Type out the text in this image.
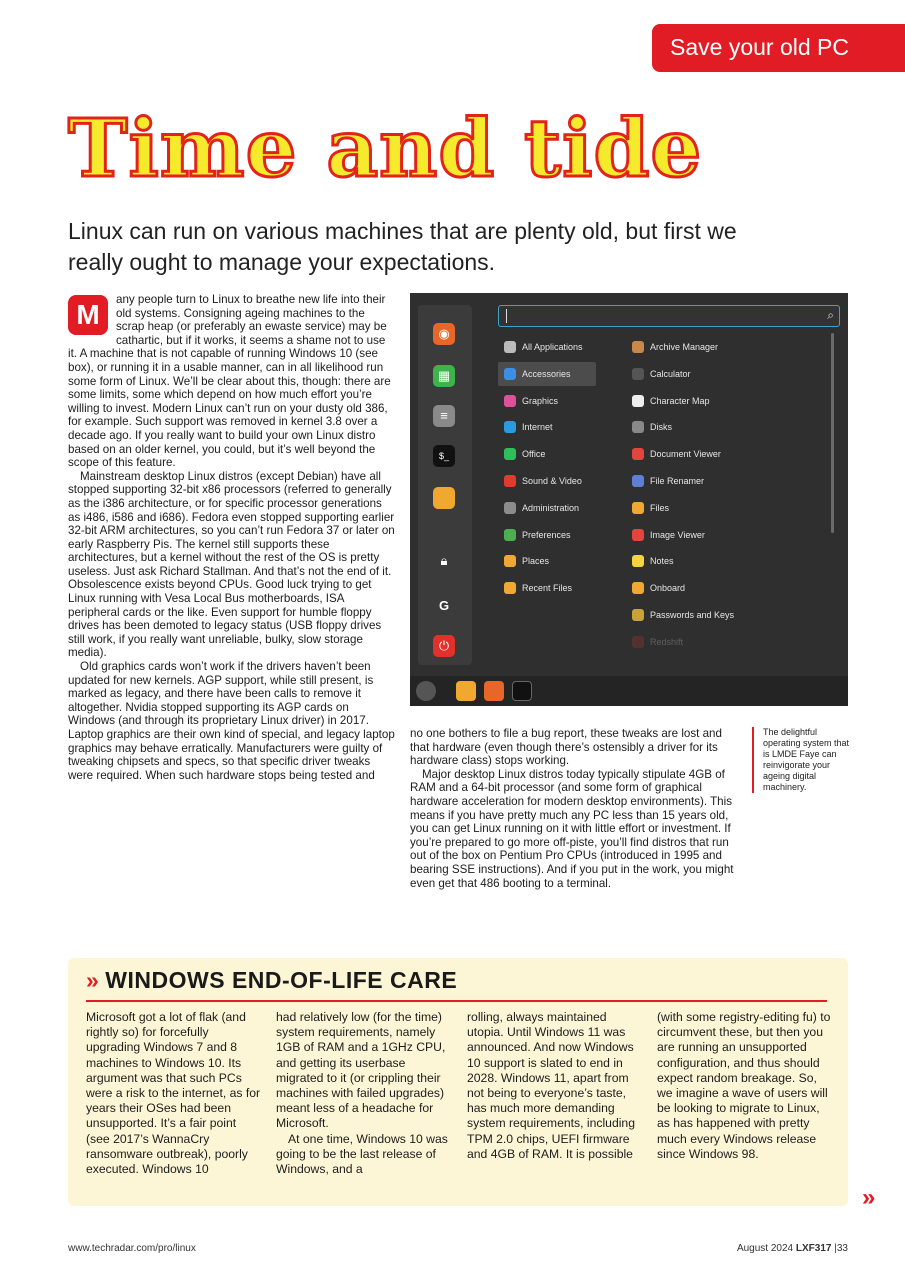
Save your old PC
Time and tide
Linux can run on various machines that are plenty old, but first we really ought to manage your expectations.

M	any people turn to Linux to breathe new life into their old systems. Consigning ageing machines to the scrap heap (or preferably an ewaste service) may be cathartic, but if it works, it seems a shame not to use it. A machine that is not capable of running Windows 10 (see box), or running it in a usable manner, can in all likelihood run some form of Linux. We’ll be clear about this, though: there are some limits, some which depend on how much effort you’re willing to invest. Modern Linux can’t run on your dusty old 386, for example. Such support was removed in kernel 3.8 over a decade ago. If you really want to build your own Linux distro based on an older kernel, you could, but it’s well beyond the scope of this feature.

Mainstream desktop Linux distros (except Debian) have all stopped supporting 32-bit x86 processors (referred to generally as the i386 architecture, or for specific processor generations as i486, i586 and i686). Fedora even stopped supporting earlier 32-bit ARM architectures, so you can’t run Fedora 37 or later on early Raspberry Pis. The kernel still supports these architectures, but a kernel without the rest of the OS is pretty useless. Just ask Richard Stallman. And that’s not the end of it. Obsolescence exists beyond CPUs. Good luck trying to get Linux running with Vesa Local Bus motherboards, ISA peripheral cards or the like. Even support for humble floppy drives has been demoted to legacy status (USB floppy drives still work, if you really want unreliable, bulky, slow storage media).

Old graphics cards won’t work if the drivers haven’t been updated for new kernels. AGP support, while still present, is marked as legacy, and there have been calls to remove it altogether. Nvidia stopped supporting its AGP cards on Windows (and through its proprietary Linux driver) in 2017. Laptop graphics are their own kind of special, and legacy laptop graphics may behave erratically. Manufacturers were guilty of tweaking chipsets and specs, so that specific driver tweaks were required. When such hardware stops being tested and

◉
▦
≡
$_
🔒︎
G
⏻
⌕
All Applications
Accessories
Graphics
Internet
Office
Sound & Video
Administration
Preferences
Places
Recent Files
Archive Manager
Calculator
Character Map
Disks
Document Viewer
File Renamer
Files
Image Viewer
Notes
Onboard
Passwords and Keys
Redshift

no one bothers to file a bug report, these tweaks are lost and that hardware (even though there’s ostensibly a driver for its hardware class) stops working.

Major desktop Linux distros today typically stipulate 4GB of RAM and a 64-bit processor (and some form of graphical hardware acceleration for modern desktop environments). This means if you have pretty much any PC less than 15 years old, you can get Linux running on it with little effort or investment. If you’re prepared to go more off-piste, you’ll find distros that run out of the box on Pentium Pro CPUs (introduced in 1995 and bearing SSE instructions). And if you put in the work, you might even get that 486 booting to a terminal.

The delightful operating system that is LMDE Faye can reinvigorate your ageing digital machinery.
» WINDOWS END-OF-LIFE CARE
Microsoft got a lot of flak (and rightly so) for forcefully upgrading Windows 7 and 8 machines to Windows 10. Its argument was that such PCs were a risk to the internet, as for years their OSes had been unsupported. It’s a fair point (see 2017’s WannaCry ransomware outbreak), poorly executed. Windows 10

had relatively low (for the time) system requirements, namely 1GB of RAM and a 1GHz CPU, and getting its userbase migrated to it (or crippling their machines with failed upgrades) meant less of a headache for Microsoft.

At one time, Windows 10 was going to be the last release of Windows, and a

rolling, always maintained utopia. Until Windows 11 was announced. And now Windows 10 support is slated to end in 2028. Windows 11, apart from not being to everyone’s taste, has much more demanding system requirements, including TPM 2.0 chips, UEFI firmware and 4GB of RAM. It is possible
(with some registry-editing fu) to circumvent these, but then you are running an unsupported configuration, and thus should expect random breakage. So, we imagine a wave of users will be looking to migrate to Linux, as has happened with pretty much every Windows release since Windows 98.
»
www.techradar.com/pro/linux	August 2024 LXF317 |33
